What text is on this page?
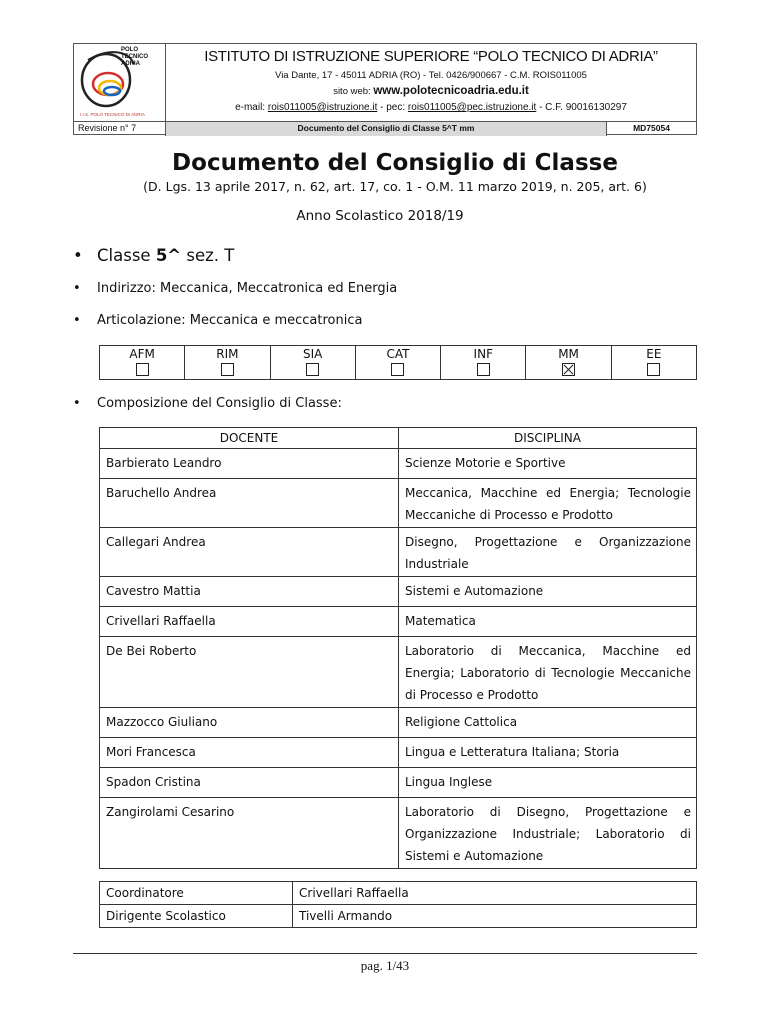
POLO
TECNICO
ADRIA
I.I.S. POLO TECNICO DI ADRIA
ISTITUTO DI ISTRUZIONE SUPERIORE “POLO TECNICO DI ADRIA”
Via Dante, 17 - 45011 ADRIA (RO) - Tel. 0426/900667 - C.M. ROIS011005
sito web: www.polotecnicoadria.edu.it
e-mail: rois011005@istruzione.it - pec: rois011005@pec.istruzione.it - C.F. 90016130297
Revisione n° 7	Documento del Consiglio di Classe 5^T mm	MD75054
Documento del Consiglio di Classe
(D. Lgs. 13 aprile 2017, n. 62, art. 17, co. 1 - O.M. 11 marzo 2019, n. 205, art. 6)
Anno Scolastico 2018/19
• Classe 5^ sez. T
• Indirizzo: Meccanica, Meccatronica ed Energia
• Articolazione: Meccanica e meccatronica
AFM	RIM	SIA	CAT	INF	MM	EE
• Composizione del Consiglio di Classe:
DOCENTE	DISCIPLINA
Barbierato Leandro	Scienze Motorie e Sportive
Baruchello Andrea	Meccanica, Macchine ed Energia; Tecnologie Meccaniche di Processo e Prodotto
Callegari Andrea	Disegno, Progettazione e Organizzazione Industriale
Cavestro Mattia	Sistemi e Automazione
Crivellari Raffaella	Matematica
De Bei Roberto	Laboratorio di Meccanica, Macchine ed Energia; Laboratorio di Tecnologie Meccaniche di Processo e Prodotto
Mazzocco Giuliano	Religione Cattolica
Mori Francesca	Lingua e Letteratura Italiana; Storia
Spadon Cristina	Lingua Inglese
Zangirolami Cesarino	Laboratorio di Disegno, Progettazione e Organizzazione Industriale; Laboratorio di Sistemi e Automazione
Coordinatore	Crivellari Raffaella
Dirigente Scolastico	Tivelli Armando
pag. 1/43
